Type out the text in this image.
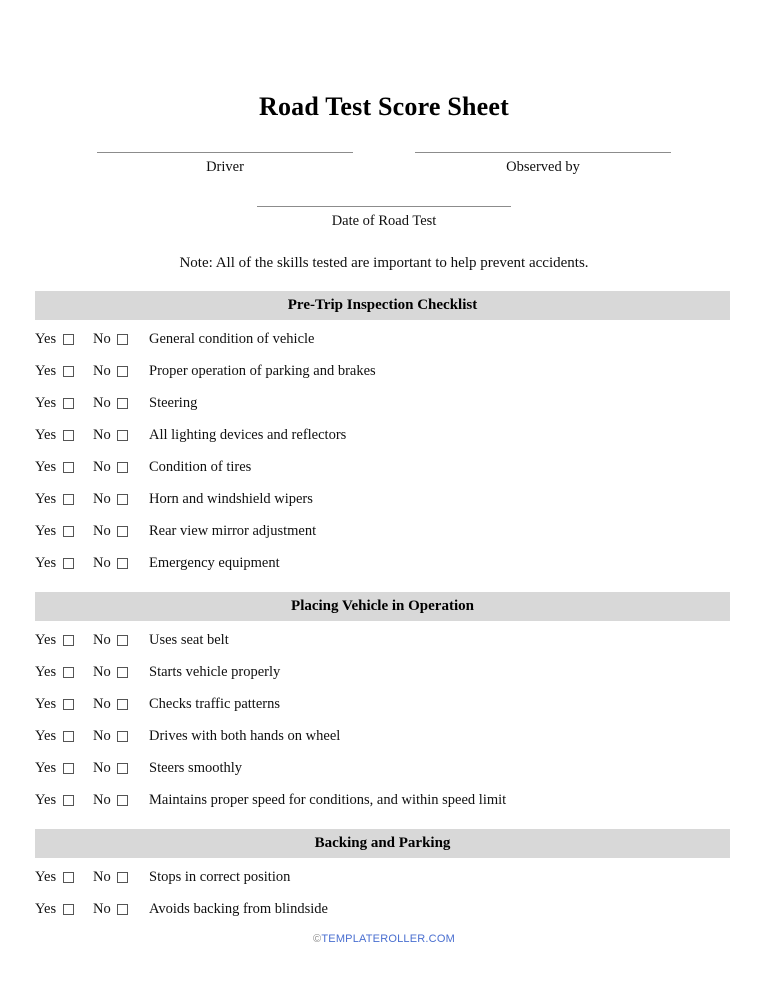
Road Test Score Sheet
Driver	Observed by
Date of Road Test
Note: All of the skills tested are important to help prevent accidents.
Pre-Trip Inspection Checklist
Yes	No	General condition of vehicle
Yes	No	Proper operation of parking and brakes
Yes	No	Steering
Yes	No	All lighting devices and reflectors
Yes	No	Condition of tires
Yes	No	Horn and windshield wipers
Yes	No	Rear view mirror adjustment
Yes	No	Emergency equipment
Placing Vehicle in Operation
Yes	No	Uses seat belt
Yes	No	Starts vehicle properly
Yes	No	Checks traffic patterns
Yes	No	Drives with both hands on wheel
Yes	No	Steers smoothly
Yes	No	Maintains proper speed for conditions, and within speed limit
Backing and Parking
Yes	No	Stops in correct position
Yes	No	Avoids backing from blindside
©TEMPLATEROLLER.COM
